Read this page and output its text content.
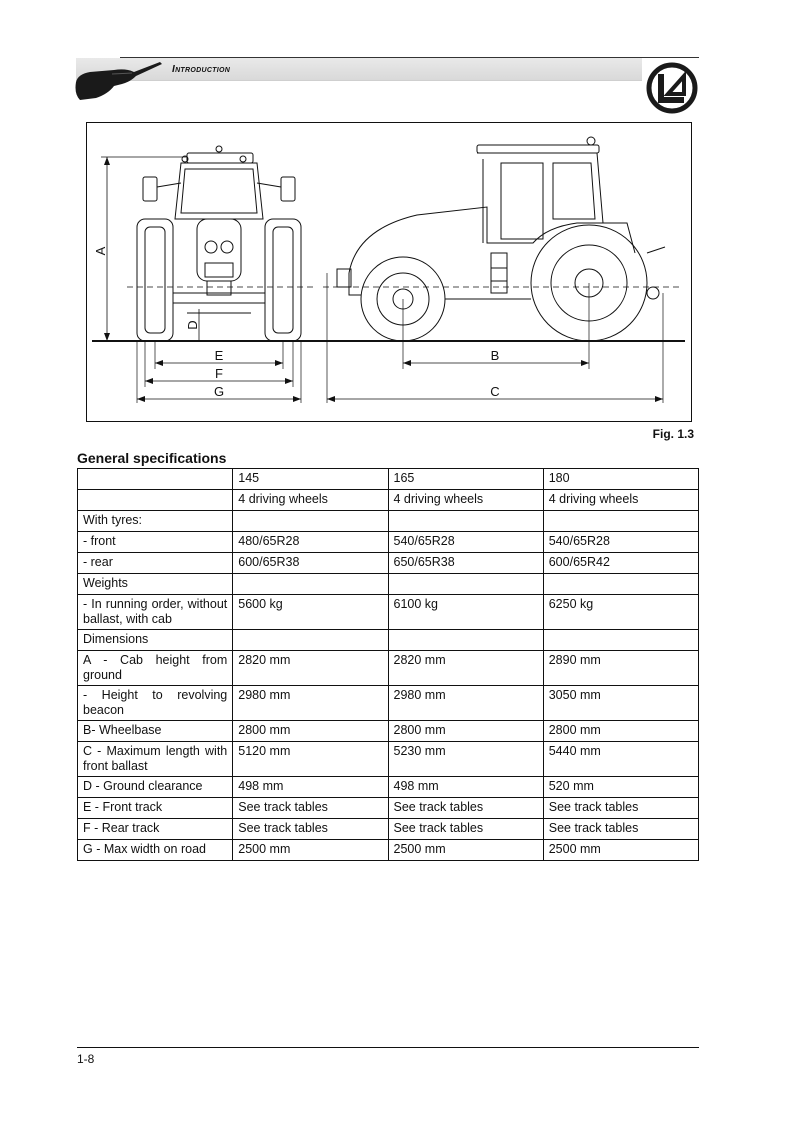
Introduction
A
B
C
D
E
F
G
Fig. 1.3
General specifications
	145	165	180
	4 driving wheels	4 driving wheels	4 driving wheels
With tyres:			
- front	480/65R28	540/65R28	540/65R28
- rear	600/65R38	650/65R38	600/65R42
Weights			
- In running order, without ballast, with cab	5600 kg	6100 kg	6250 kg
Dimensions			
A - Cab height from ground	2820 mm	2820 mm	2890 mm
- Height to revolving beacon	2980 mm	2980 mm	3050 mm
B- Wheelbase	2800 mm	2800 mm	2800 mm
C - Maximum length with front ballast	5120 mm	5230 mm	5440 mm
D - Ground clearance	498 mm	498 mm	520 mm
E - Front track	See track tables	See track tables	See track tables
F - Rear track	See track tables	See track tables	See track tables
G - Max width on road	2500 mm	2500 mm	2500 mm
1-8
